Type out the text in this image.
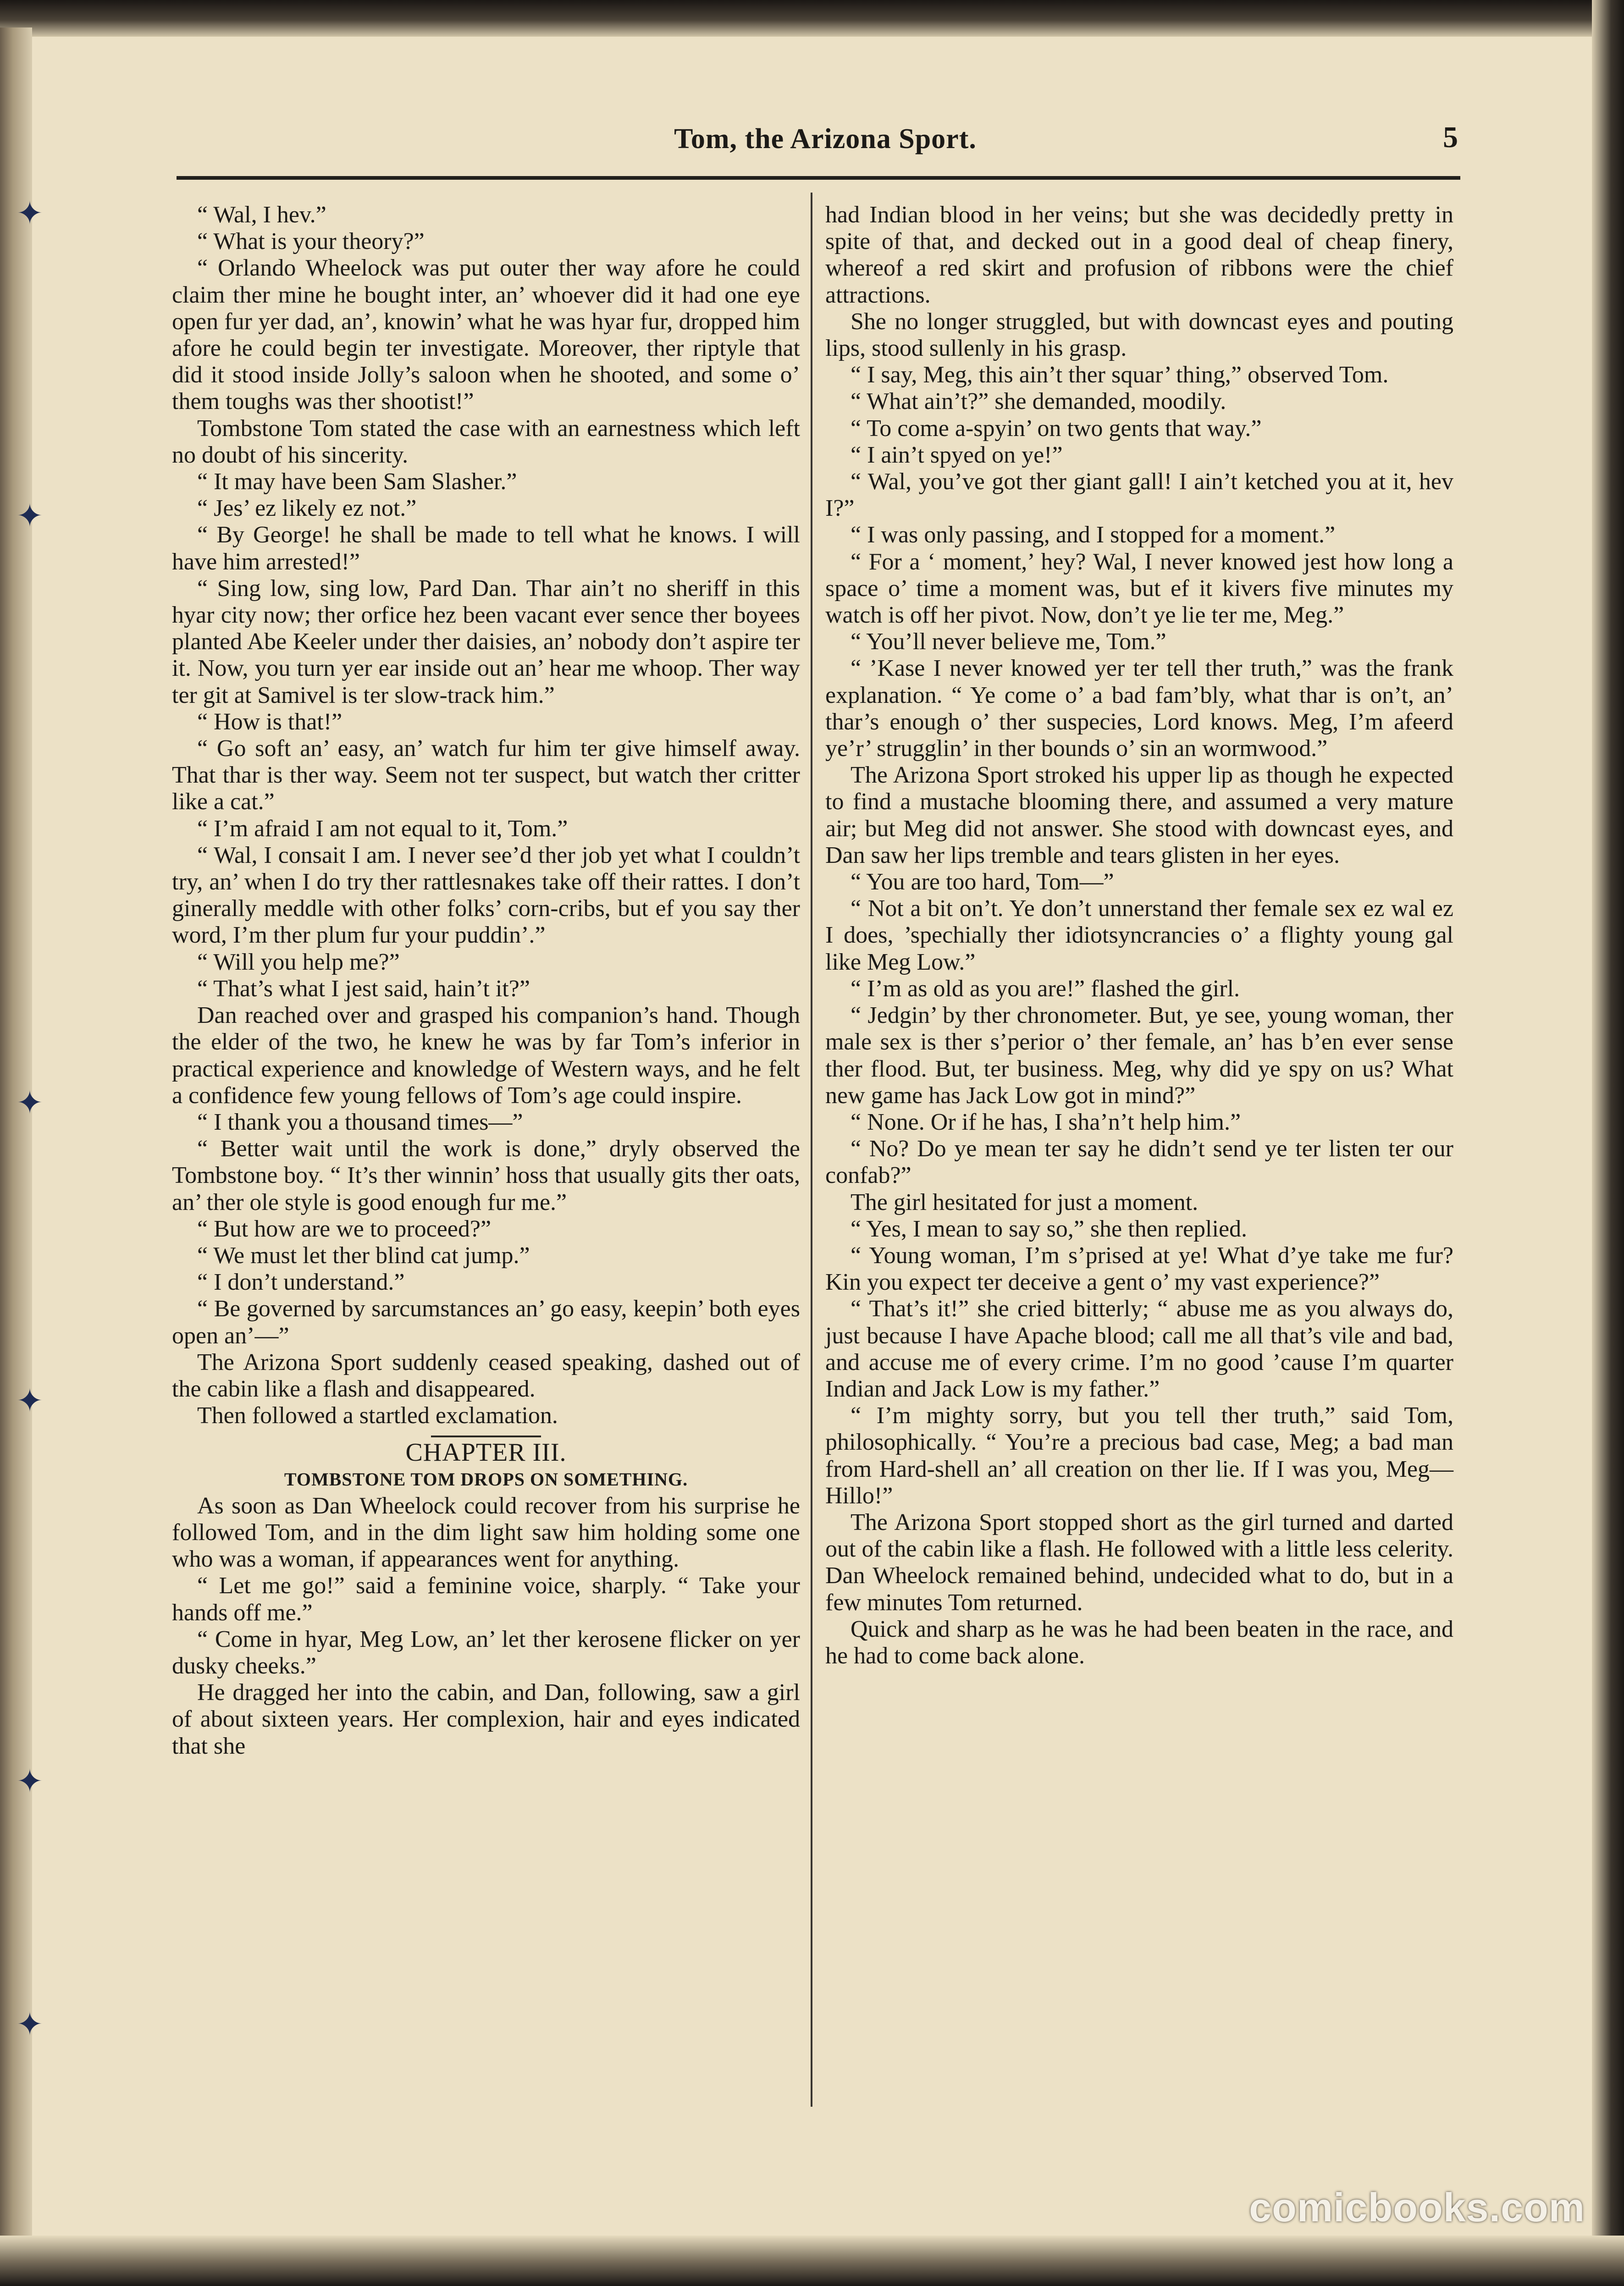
✦
✦
✦
✦
✦
✦
Tom, the Arizona Sport.	5

“ Wal, I hev.”

“ What is your theory?”

“ Orlando Wheelock was put outer ther way afore he could claim ther mine he bought inter, an’ whoever did it had one eye open fur yer dad, an’, knowin’ what he was hyar fur, dropped him afore he could begin ter investigate. Moreover, ther riptyle that did it stood inside Jolly’s saloon when he shooted, and some o’ them toughs was ther shootist!”

Tombstone Tom stated the case with an earnestness which left no doubt of his sincerity.

“ It may have been Sam Slasher.”

“ Jes’ ez likely ez not.”

“ By George! he shall be made to tell what he knows. I will have him arrested!”

“ Sing low, sing low, Pard Dan. Thar ain’t no sheriff in this hyar city now; ther orfice hez been vacant ever sence ther boyees planted Abe Keeler under ther daisies, an’ nobody don’t aspire ter it. Now, you turn yer ear inside out an’ hear me whoop. Ther way ter git at Samivel is ter slow-track him.”

“ How is that!”

“ Go soft an’ easy, an’ watch fur him ter give himself away. That thar is ther way. Seem not ter suspect, but watch ther critter like a cat.”

“ I’m afraid I am not equal to it, Tom.”

“ Wal, I consait I am. I never see’d ther job yet what I couldn’t try, an’ when I do try ther rattlesnakes take off their rattes. I don’t ginerally meddle with other folks’ corn-cribs, but ef you say ther word, I’m ther plum fur your puddin’.”

“ Will you help me?”

“ That’s what I jest said, hain’t it?”

Dan reached over and grasped his companion’s hand. Though the elder of the two, he knew he was by far Tom’s inferior in practical experience and knowledge of Western ways, and he felt a confidence few young fellows of Tom’s age could inspire.

“ I thank you a thousand times—”

“ Better wait until the work is done,” dryly observed the Tombstone boy. “ It’s ther winnin’ hoss that usually gits ther oats, an’ ther ole style is good enough fur me.”

“ But how are we to proceed?”

“ We must let ther blind cat jump.”

“ I don’t understand.”

“ Be governed by sarcumstances an’ go easy, keepin’ both eyes open an’—”

The Arizona Sport suddenly ceased speaking, dashed out of the cabin like a flash and disappeared.

Then followed a startled exclamation.

CHAPTER III.

TOMBSTONE TOM DROPS ON SOMETHING.

As soon as Dan Wheelock could recover from his surprise he followed Tom, and in the dim light saw him holding some one who was a woman, if appearances went for anything.

“ Let me go!” said a feminine voice, sharply. “ Take your hands off me.”

“ Come in hyar, Meg Low, an’ let ther kerosene flicker on yer dusky cheeks.”

He dragged her into the cabin, and Dan, following, saw a girl of about sixteen years. Her complexion, hair and eyes indicated that she

had Indian blood in her veins; but she was decidedly pretty in spite of that, and decked out in a good deal of cheap finery, whereof a red skirt and profusion of ribbons were the chief attractions.

She no longer struggled, but with downcast eyes and pouting lips, stood sullenly in his grasp.

“ I say, Meg, this ain’t ther squar’ thing,” observed Tom.

“ What ain’t?” she demanded, moodily.

“ To come a-spyin’ on two gents that way.”

“ I ain’t spyed on ye!”

“ Wal, you’ve got ther giant gall! I ain’t ketched you at it, hev I?”

“ I was only passing, and I stopped for a moment.”

“ For a ‘ moment,’ hey? Wal, I never knowed jest how long a space o’ time a moment was, but ef it kivers five minutes my watch is off her pivot. Now, don’t ye lie ter me, Meg.”

“ You’ll never believe me, Tom.”

“ ’Kase I never knowed yer ter tell ther truth,” was the frank explanation. “ Ye come o’ a bad fam’bly, what thar is on’t, an’ thar’s enough o’ ther suspecies, Lord knows. Meg, I’m afeerd ye’r’ strugglin’ in ther bounds o’ sin an wormwood.”

The Arizona Sport stroked his upper lip as though he expected to find a mustache blooming there, and assumed a very mature air; but Meg did not answer. She stood with downcast eyes, and Dan saw her lips tremble and tears glisten in her eyes.

“ You are too hard, Tom—”

“ Not a bit on’t. Ye don’t unnerstand ther female sex ez wal ez I does, ’spechially ther idiotsyncrancies o’ a flighty young gal like Meg Low.”

“ I’m as old as you are!” flashed the girl.

“ Jedgin’ by ther chronometer. But, ye see, young woman, ther male sex is ther s’perior o’ ther female, an’ has b’en ever sense ther flood. But, ter business. Meg, why did ye spy on us? What new game has Jack Low got in mind?”

“ None. Or if he has, I sha’n’t help him.”

“ No? Do ye mean ter say he didn’t send ye ter listen ter our confab?”

The girl hesitated for just a moment.

“ Yes, I mean to say so,” she then replied.

“ Young woman, I’m s’prised at ye! What d’ye take me fur? Kin you expect ter deceive a gent o’ my vast experience?”

“ That’s it!” she cried bitterly; “ abuse me as you always do, just because I have Apache blood; call me all that’s vile and bad, and accuse me of every crime. I’m no good ’cause I’m quarter Indian and Jack Low is my father.”

“ I’m mighty sorry, but you tell ther truth,” said Tom, philosophically. “ You’re a precious bad case, Meg; a bad man from Hard-shell an’ all creation on ther lie. If I was you, Meg— Hillo!”

The Arizona Sport stopped short as the girl turned and darted out of the cabin like a flash. He followed with a little less celerity. Dan Wheelock remained behind, undecided what to do, but in a few minutes Tom returned.

Quick and sharp as he was he had been beaten in the race, and he had to come back alone.

comicbooks.com
